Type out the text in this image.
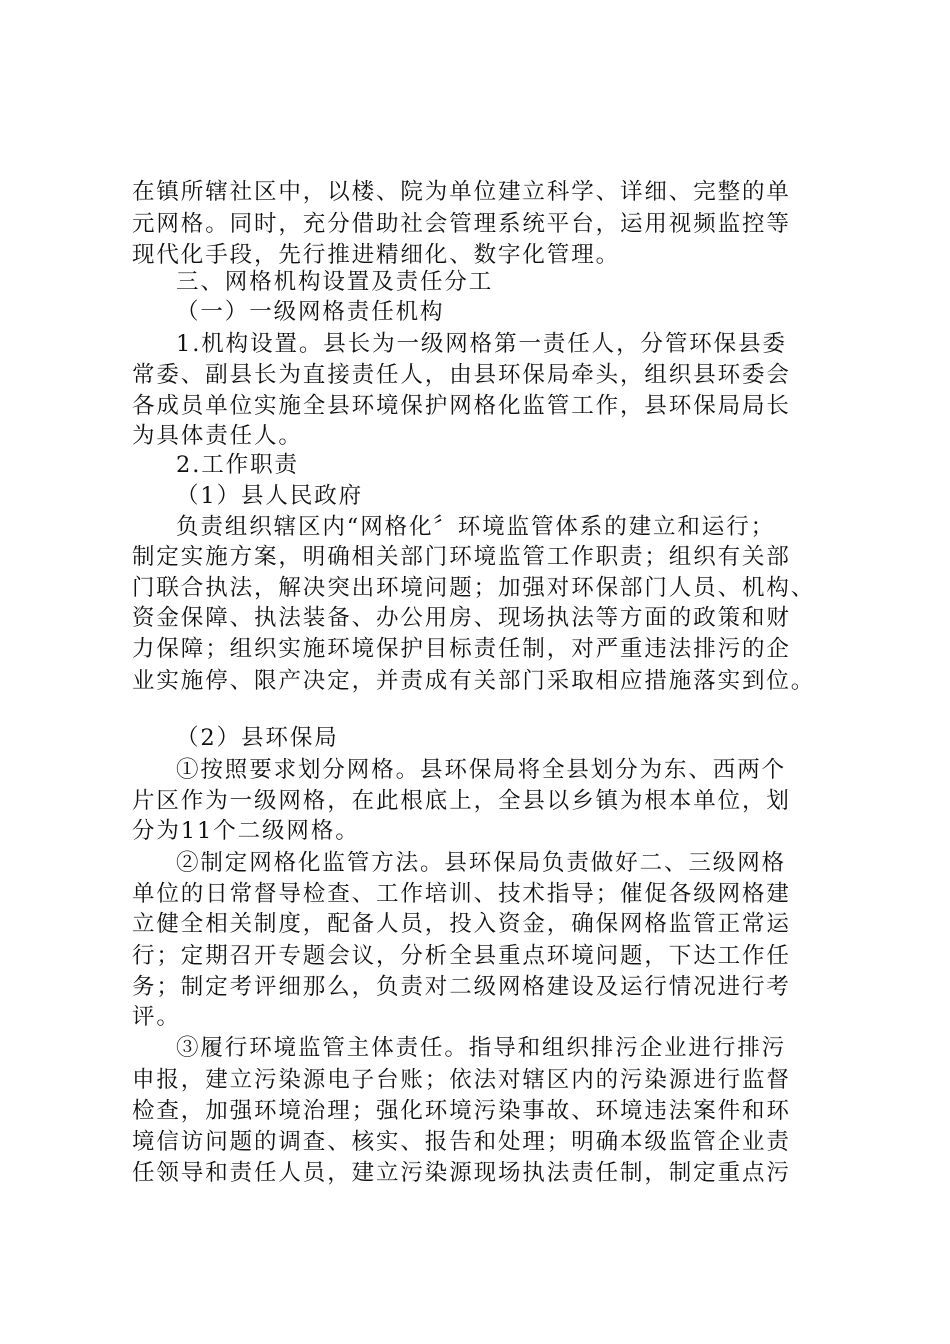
在镇所辖社区中，以楼、院为单位建立科学、详细、完整的单
元网格。同时，充分借助社会管理系统平台，运用视频监控等
现代化手段，先行推进精细化、数字化管理。
三、网格机构设置及责任分工
（一）一级网格责任机构
1.机构设置。县长为一级网格第一责任人，分管环保县委
常委、副县长为直接责任人，由县环保局牵头，组织县环委会
各成员单位实施全县环境保护网格化监管工作，县环保局局长
为具体责任人。
2.工作职责
（1）县人民政府
负责组织辖区内“网格化〞环境监管体系的建立和运行；
制定实施方案，明确相关部门环境监管工作职责；组织有关部
门联合执法，解决突出环境问题；加强对环保部门人员、机构、
资金保障、执法装备、办公用房、现场执法等方面的政策和财
力保障；组织实施环境保护目标责任制，对严重违法排污的企
业实施停、限产决定，并责成有关部门采取相应措施落实到位。
（2）县环保局
①按照要求划分网格。县环保局将全县划分为东、西两个
片区作为一级网格，在此根底上，全县以乡镇为根本单位，划
分为11个二级网格。
②制定网格化监管方法。县环保局负责做好二、三级网格
单位的日常督导检查、工作培训、技术指导；催促各级网格建
立健全相关制度，配备人员，投入资金，确保网格监管正常运
行；定期召开专题会议，分析全县重点环境问题，下达工作任
务；制定考评细那么，负责对二级网格建设及运行情况进行考
评。
③履行环境监管主体责任。指导和组织排污企业进行排污
申报，建立污染源电子台账；依法对辖区内的污染源进行监督
检查，加强环境治理；强化环境污染事故、环境违法案件和环
境信访问题的调查、核实、报告和处理；明确本级监管企业责
任领导和责任人员，建立污染源现场执法责任制，制定重点污
